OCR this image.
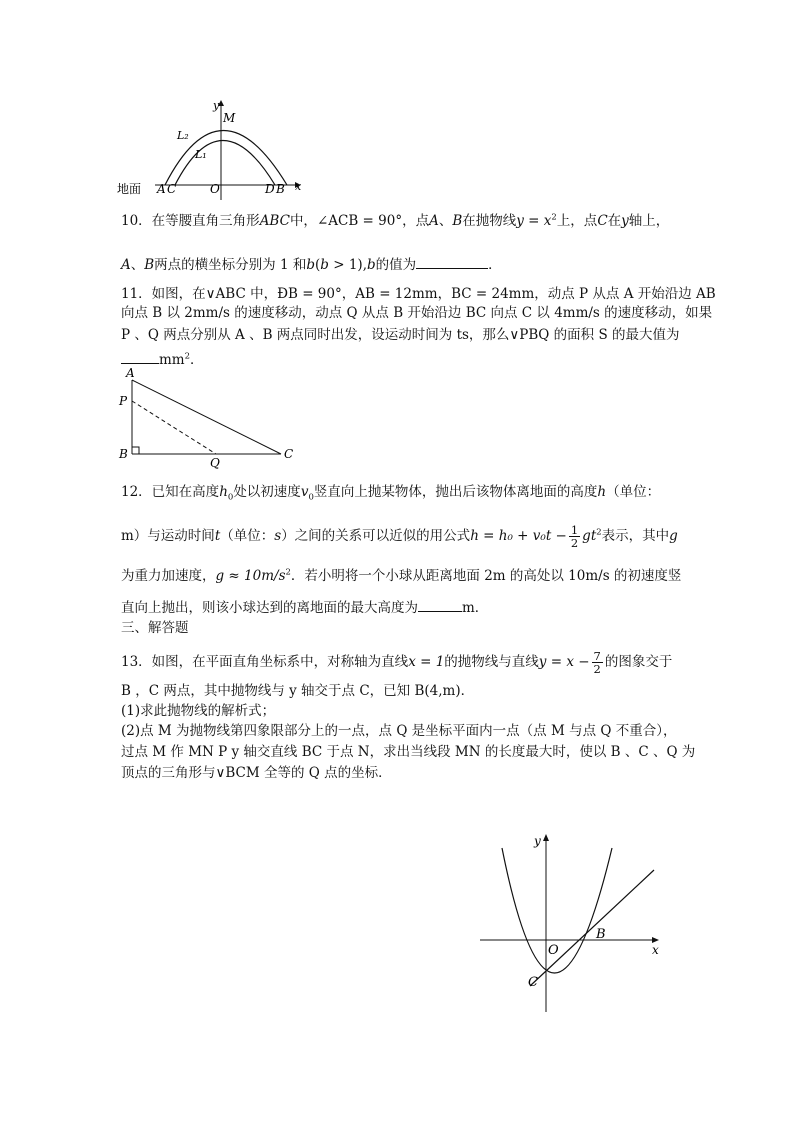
地面
y
x
O
M
L₂
L₁
A C	D B
10．在等腰直角三角形ABC中，∠ACB = 90°，点A、B在抛物线$y = x^2$上，点C在y轴上，
A、B两点的横坐标分别为 1 和b(b > 1),b的值为	．
11．如图，在∨ABC 中，ÐB = 90°，AB = 12mm，BC = 24mm，动点 P 从点 A 开始沿边 AB
向点 B 以 2mm/s 的速度移动，动点 Q 从点 B 开始沿边 BC 向点 C 以 4mm/s 的速度移动，如果
P 、Q 两点分别从 A 、B 两点同时出发，设运动时间为 ts，那么∨PBQ 的面积 S 的最大值为
$mm^2$．
A
P
B
Q
C
12．已知在高度$h_0$处以初速度$v_0$竖直向上抛某物体，抛出后该物体离地面的高度h（单位：
m）与运动时间t（单位：s）之间的关系可以近似的用公式$h = h_0 + v_0t - \frac{1}{2} gt^2$表示，其中g
为重力加速度，$g \approx 10m/s^2$．若小明将一个小球从距离地面 2m 的高处以 10m/s 的初速度竖
直向上抛出，则该小球达到的离地面的最大高度为	m．
三、解答题
13．如图，在平面直角坐标系中，对称轴为直线x = 1的抛物线与直线$y = x - \frac{7}{2}$ 的图象交于
B ，C 两点，其中抛物线与 y 轴交于点 C，已知 B(4,m)．
(1)求此抛物线的解析式；
(2)点 M 为抛物线第四象限部分上的一点，点 Q 是坐标平面内一点（点 M 与点 Q 不重合），
过点 M 作 MN P y 轴交直线 BC 于点 N，求出当线段 MN 的长度最大时，使以 B 、C 、Q 为
顶点的三角形与∨BCM 全等的 Q 点的坐标．
y
x
O
B
C
